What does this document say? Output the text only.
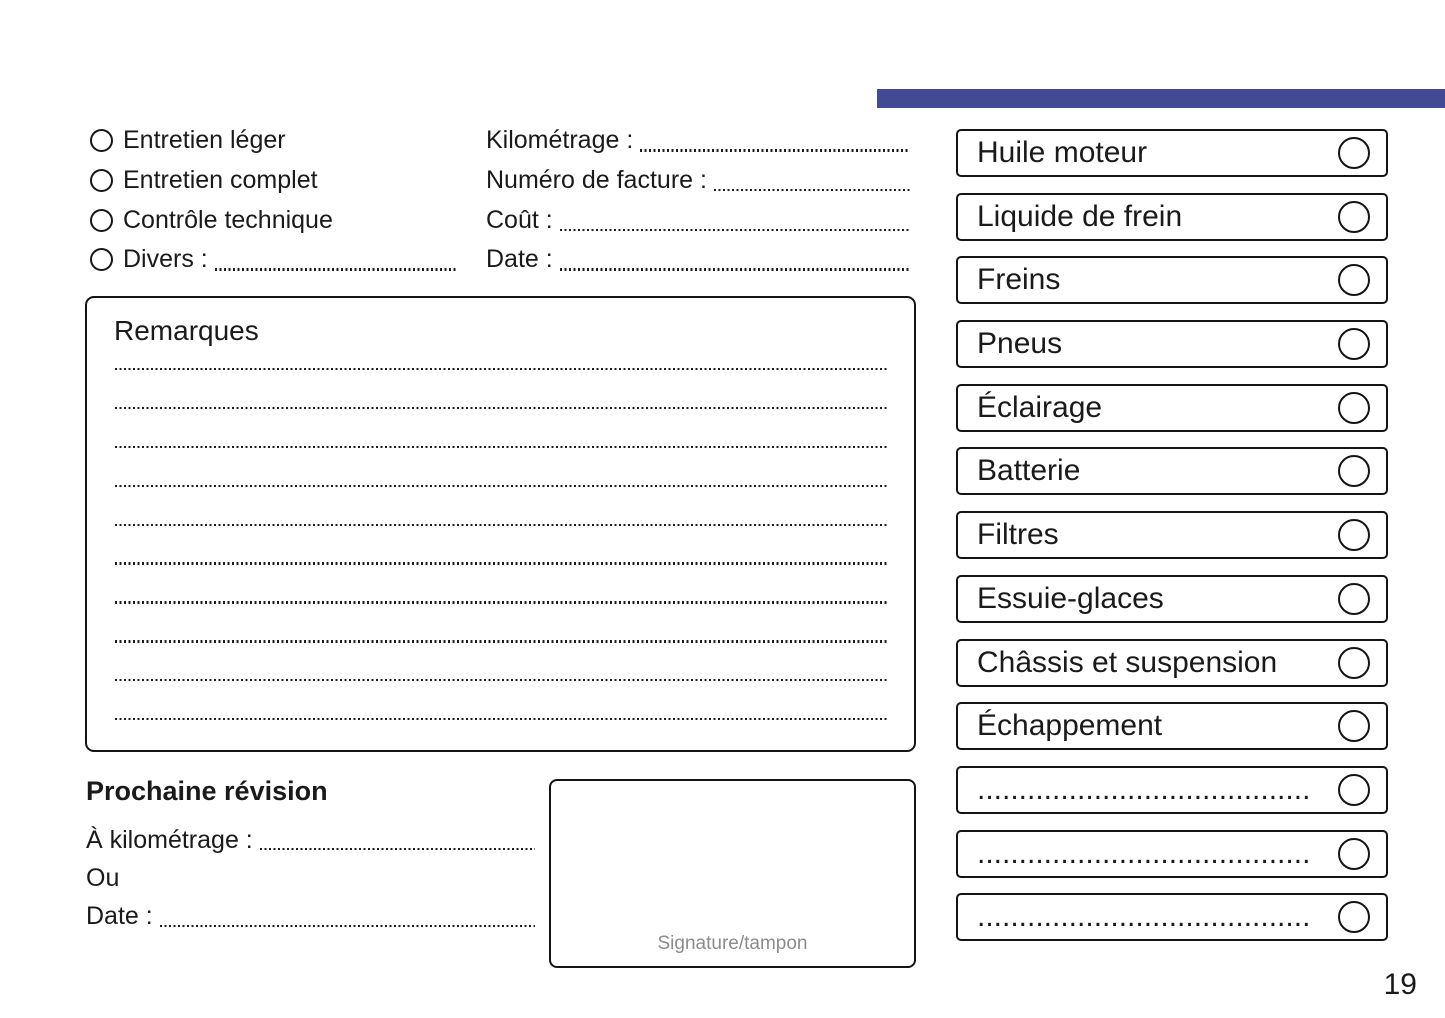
Entretien léger
Entretien complet
Contrôle technique
Divers :
Kilométrage :
Numéro de facture :
Coût :
Date :
Remarques
Prochaine révision
À kilométrage :
Ou
Date :
Signature/tampon
Huile moteur
Liquide de frein
Freins
Pneus
Éclairage
Batterie
Filtres
Essuie-glaces
Châssis et suspension
Échappement
........................................
........................................
........................................
19
